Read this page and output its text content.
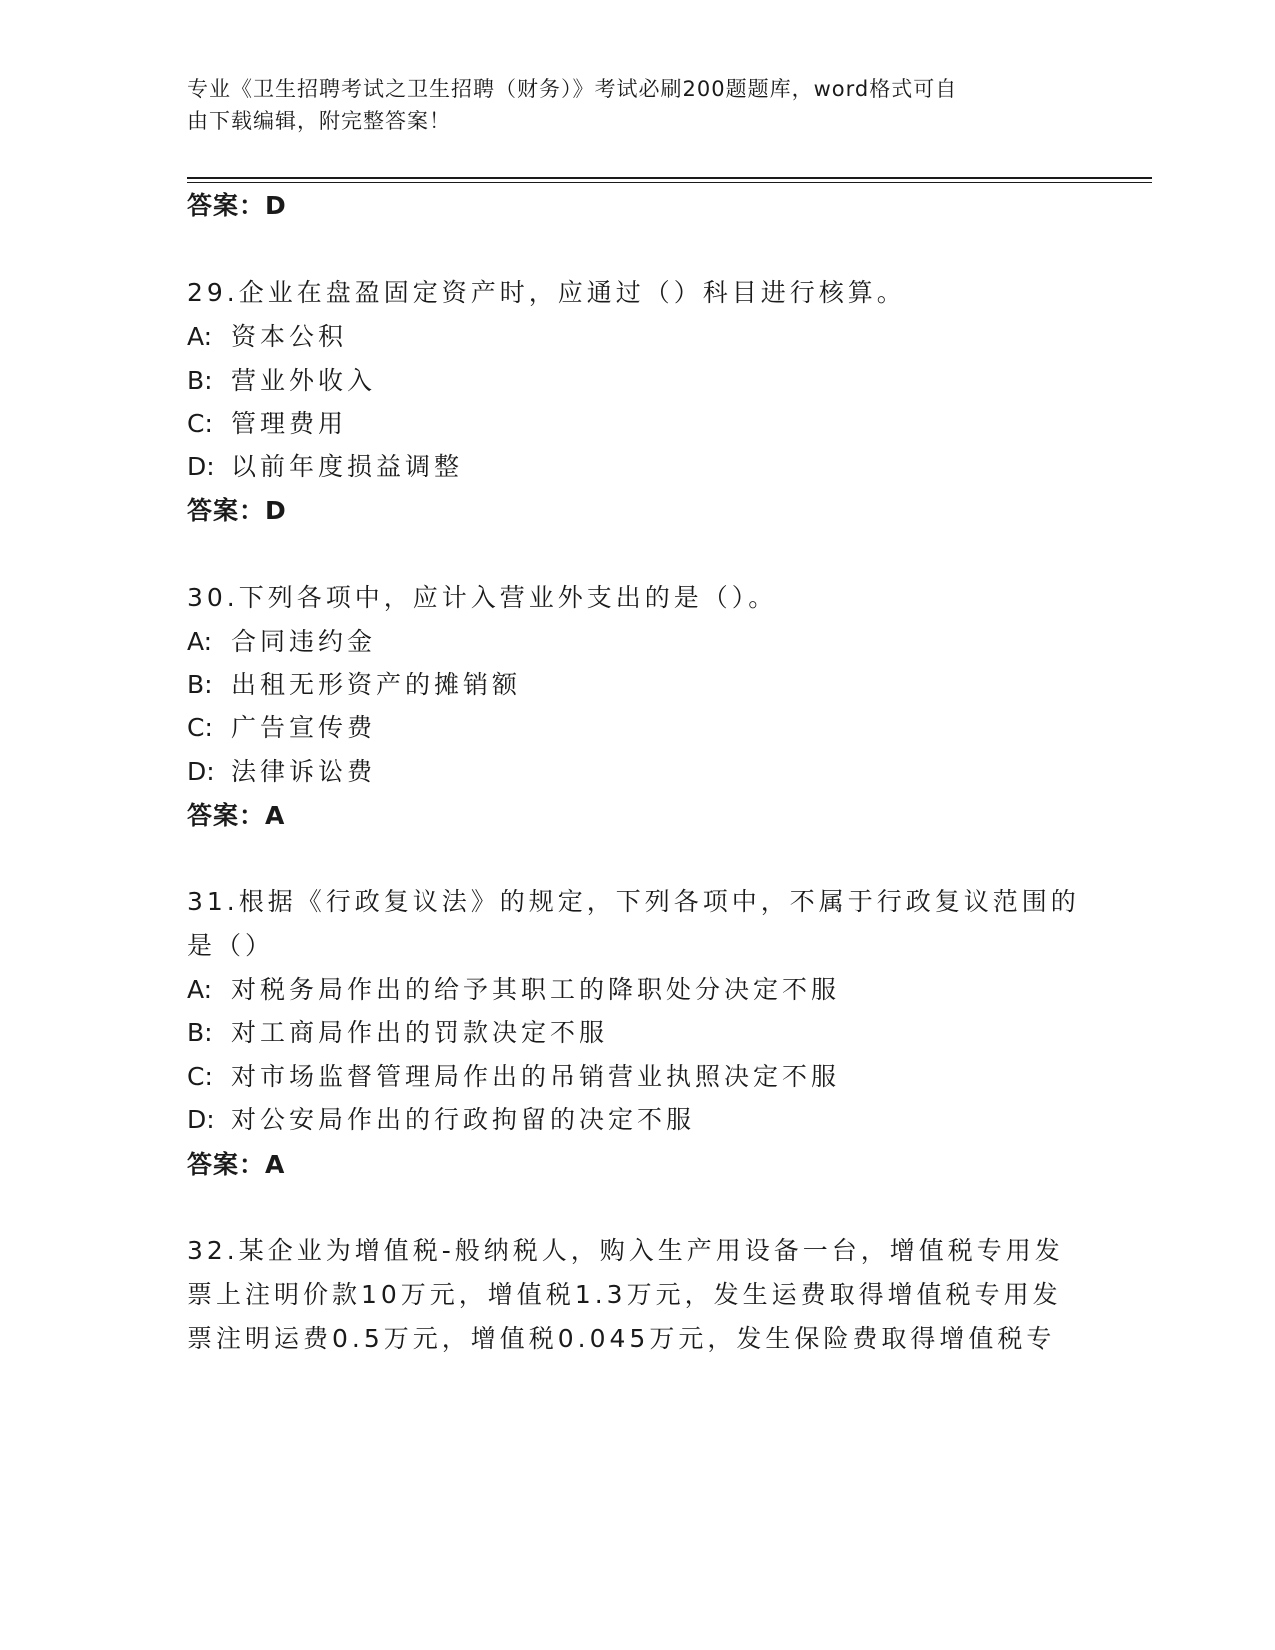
专业《卫生招聘考试之卫生招聘（财务）》考试必刷200题题库，word格式可自
由下载编辑，附完整答案！
答案：D
29.企业在盘盈固定资产时，应通过（）科目进行核算。
A: 资本公积
B: 营业外收入
C: 管理费用
D: 以前年度损益调整
答案：D
30.下列各项中，应计入营业外支出的是（）。
A: 合同违约金
B: 出租无形资产的摊销额
C: 广告宣传费
D: 法律诉讼费
答案：A
31.根据《行政复议法》的规定，下列各项中，不属于行政复议范围的
是（）
A: 对税务局作出的给予其职工的降职处分决定不服
B: 对工商局作出的罚款决定不服
C: 对市场监督管理局作出的吊销营业执照决定不服
D: 对公安局作出的行政拘留的决定不服
答案：A
32.某企业为增值税-般纳税人，购入生产用设备一台，增值税专用发
票上注明价款10万元，增值税1.3万元，发生运费取得增值税专用发
票注明运费0.5万元，增值税0.045万元，发生保险费取得增值税专
